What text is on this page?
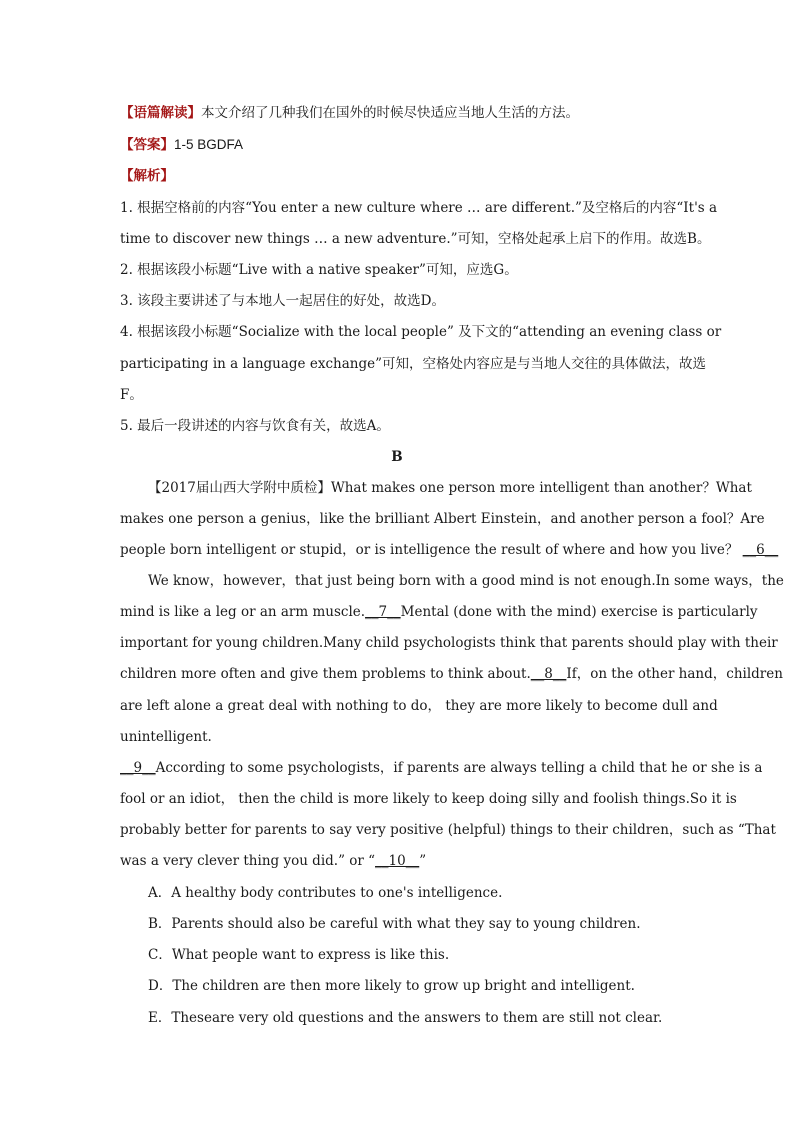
【语篇解读】本文介绍了几种我们在国外的时候尽快适应当地人生活的方法。
【答案】1-5 BGDFA
【解析】
1. 根据空格前的内容“You enter a new culture where … are different.”及空格后的内容“It's a
time to discover new things … a new adventure.”可知，空格处起承上启下的作用。故选B。
2. 根据该段小标题“Live with a native speaker”可知，应选G。
3. 该段主要讲述了与本地人一起居住的好处，故选D。
4. 根据该段小标题“Socialize with the local people” 及下文的“attending an evening class or
participating in a language exchange”可知，空格处内容应是与当地人交往的具体做法，故选
F。
5. 最后一段讲述的内容与饮食有关，故选A。
B
【2017届山西大学附中质检】What makes one person more intelligent than another？What
makes one person a genius，like the brilliant Albert Einstein，and another person a fool？Are
people born intelligent or stupid，or is intelligence the result of where and how you live？ __6__
We know，however，that just being born with a good mind is not enough.In some ways，the
mind is like a leg or an arm muscle.__7__Mental (done with the mind) exercise is particularly
important for young children.Many child psychologists think that parents should play with their
children more often and give them problems to think about.__8__If，on the other hand，children
are left alone a great deal with nothing to do， they are more likely to become dull and
unintelligent.
__9__According to some psychologists，if parents are always telling a child that he or she is a
fool or an idiot， then the child is more likely to keep doing silly and foolish things.So it is
probably better for parents to say very positive (helpful) things to their children，such as “That
was a very clever thing you did.” or “__10__”
A．A healthy body contributes to one's intelligence.
B．Parents should also be careful with what they say to young children.
C．What people want to express is like this.
D．The children are then more likely to grow up bright and intelligent.
E．Theseare very old questions and the answers to them are still not clear.
